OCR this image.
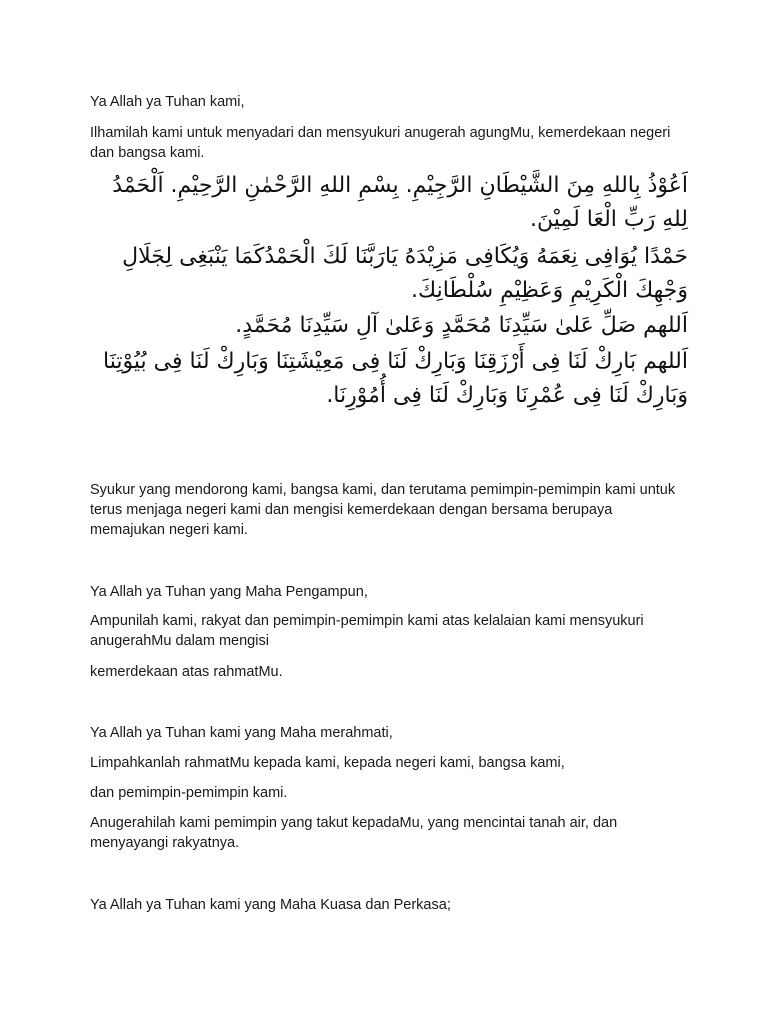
Ya Allah ya Tuhan kami,

Ilhamilah kami untuk menyadari dan mensyukuri anugerah agungMu, kemerdekaan negeri dan bangsa kami.

اَعُوْذُ بِاللهِ مِنَ الشَّيْطَانِ الرَّجِيْمِ. بِسْمِ اللهِ الرَّحْمٰنِ الرَّحِيْمِ. اَلْحَمْدُ لِلهِ رَبِّ الْعَا لَمِيْنَ.

حَمْدًا يُوَافِى نِعَمَهُ وَيُكَافِى مَزِيْدَهُ يَارَبَّنَا لَكَ الْحَمْدُكَمَا يَنْبَغِى لِجَلَالِ وَجْهِكَ الْكَرِيْمِ وَعَظِيْمِ سُلْطَانِكَ.

اَللهم صَلِّ عَلىٰ سَيِّدِنَا مُحَمَّدٍ وَعَلىٰ آلِ سَيِّدِنَا مُحَمَّدٍ.

اَللهم بَارِكْ لَنَا فِى أَرْزَقِنَا وَبَارِكْ لَنَا فِى مَعِيْشَتِنَا وَبَارِكْ لَنَا فِى بُيُوْتِنَا وَبَارِكْ لَنَا فِى عُمْرِنَا وَبَارِكْ لَنَا فِى أُمُوْرِنَا.

Syukur yang mendorong kami, bangsa kami, dan terutama pemimpin-pemimpin kami untuk terus menjaga negeri kami dan mengisi kemerdekaan dengan bersama berupaya memajukan negeri kami.

Ya Allah ya Tuhan yang Maha Pengampun,

Ampunilah kami, rakyat dan pemimpin-pemimpin kami atas kelalaian kami mensyukuri anugerahMu dalam mengisi

kemerdekaan atas rahmatMu.

Ya Allah ya Tuhan kami yang Maha merahmati,

Limpahkanlah rahmatMu kepada kami, kepada negeri kami, bangsa kami,

dan pemimpin-pemimpin kami.

Anugerahilah kami pemimpin yang takut kepadaMu, yang mencintai tanah air, dan menyayangi rakyatnya.

Ya Allah ya Tuhan kami yang Maha Kuasa dan Perkasa;
